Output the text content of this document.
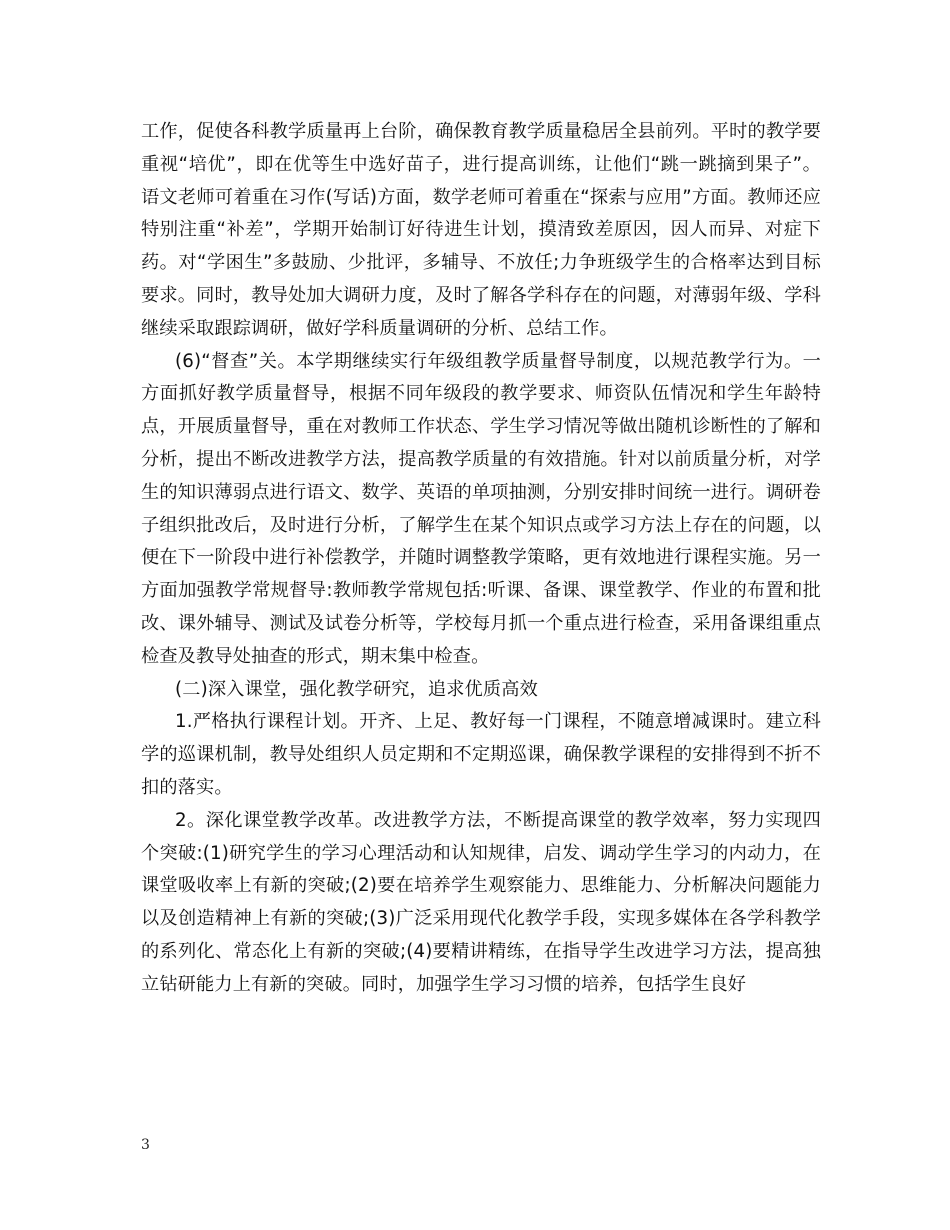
工作，促使各科教学质量再上台阶，确保教育教学质量稳居全县前列。平时的教学要重视“培优”，即在优等生中选好苗子，进行提高训练，让他们“跳一跳摘到果子”。语文老师可着重在习作(写话)方面，数学老师可着重在“探索与应用”方面。教师还应特别注重“补差”，学期开始制订好待进生计划，摸清致差原因，因人而异、对症下药。对“学困生”多鼓励、少批评，多辅导、不放任;力争班级学生的合格率达到目标要求。同时，教导处加大调研力度，及时了解各学科存在的问题，对薄弱年级、学科继续采取跟踪调研，做好学科质量调研的分析、总结工作。

(6)“督查”关。本学期继续实行年级组教学质量督导制度，以规范教学行为。一方面抓好教学质量督导，根据不同年级段的教学要求、师资队伍情况和学生年龄特点，开展质量督导，重在对教师工作状态、学生学习情况等做出随机诊断性的了解和分析，提出不断改进教学方法，提高教学质量的有效措施。针对以前质量分析，对学生的知识薄弱点进行语文、数学、英语的单项抽测，分别安排时间统一进行。调研卷子组织批改后，及时进行分析，了解学生在某个知识点或学习方法上存在的问题，以便在下一阶段中进行补偿教学，并随时调整教学策略，更有效地进行课程实施。另一方面加强教学常规督导:教师教学常规包括:听课、备课、课堂教学、作业的布置和批改、课外辅导、测试及试卷分析等，学校每月抓一个重点进行检查，采用备课组重点检查及教导处抽查的形式，期末集中检查。

(二)深入课堂，强化教学研究，追求优质高效

1.严格执行课程计划。开齐、上足、教好每一门课程，不随意增减课时。建立科学的巡课机制，教导处组织人员定期和不定期巡课，确保教学课程的安排得到不折不扣的落实。

2。深化课堂教学改革。改进教学方法，不断提高课堂的教学效率，努力实现四个突破:(1)研究学生的学习心理活动和认知规律，启发、调动学生学习的内动力，在课堂吸收率上有新的突破;(2)要在培养学生观察能力、思维能力、分析解决问题能力以及创造精神上有新的突破;(3)广泛采用现代化教学手段，实现多媒体在各学科教学的系列化、常态化上有新的突破;(4)要精讲精练，在指导学生改进学习方法，提高独立钻研能力上有新的突破。同时，加强学生学习习惯的培养，包括学生良好

3
